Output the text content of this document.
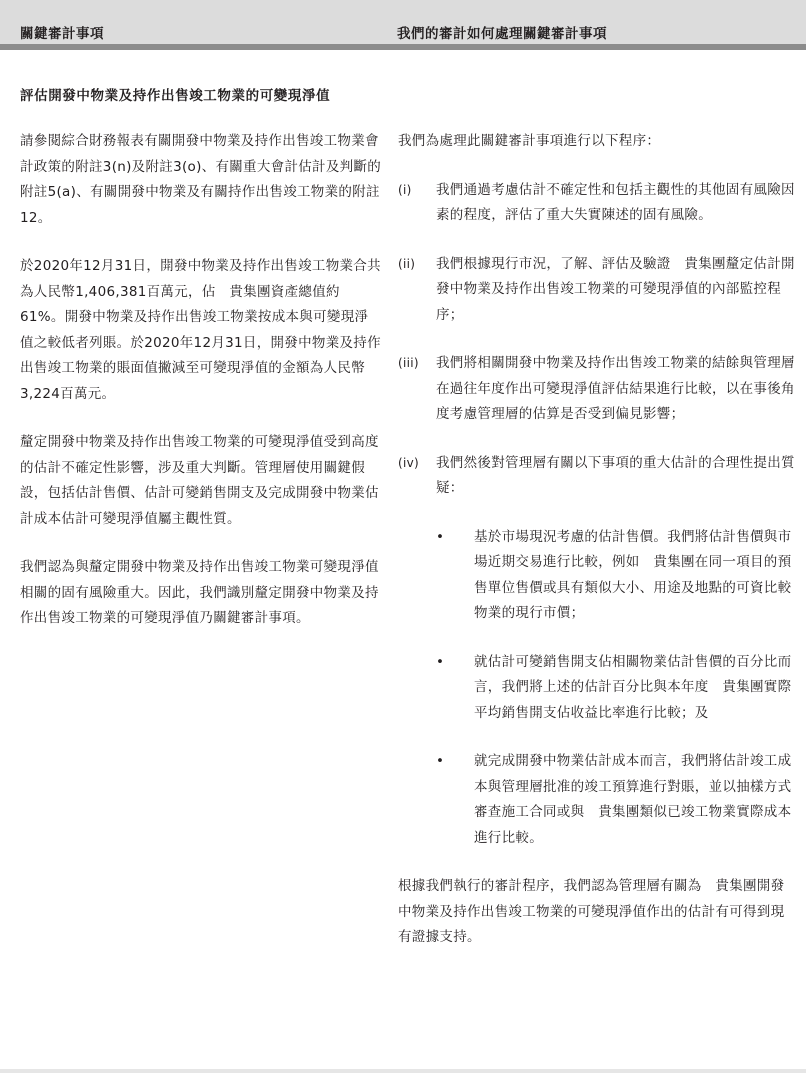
關鍵審計事項	我們的審計如何處理關鍵審計事項
評估開發中物業及持作出售竣工物業的可變現淨值

請參閱綜合財務報表有關開發中物業及持作出售竣工物業會計政策的附註3(n)及附註3(o)、有關重大會計估計及判斷的附註5(a)、有關開發中物業及有關持作出售竣工物業的附註12。

於2020年12月31日，開發中物業及持作出售竣工物業合共為人民幣1,406,381百萬元，佔　貴集團資產總值約61%。開發中物業及持作出售竣工物業按成本與可變現淨值之較低者列賬。於2020年12月31日，開發中物業及持作出售竣工物業的賬面值撇減至可變現淨值的金額為人民幣3,224百萬元。

釐定開發中物業及持作出售竣工物業的可變現淨值受到高度的估計不確定性影響，涉及重大判斷。管理層使用關鍵假設，包括估計售價、估計可變銷售開支及完成開發中物業估計成本估計可變現淨值屬主觀性質。

我們認為與釐定開發中物業及持作出售竣工物業可變現淨值相關的固有風險重大。因此，我們識別釐定開發中物業及持作出售竣工物業的可變現淨值乃關鍵審計事項。

我們為處理此關鍵審計事項進行以下程序：

(i) 我們通過考慮估計不確定性和包括主觀性的其他固有風險因素的程度，評估了重大失實陳述的固有風險。
(ii) 我們根據現行市況，了解、評估及驗證　貴集團釐定估計開發中物業及持作出售竣工物業的可變現淨值的內部監控程序；
(iii) 我們將相關開發中物業及持作出售竣工物業的結餘與管理層在過往年度作出可變現淨值評估結果進行比較，以在事後角度考慮管理層的估算是否受到偏見影響；
(iv) 我們然後對管理層有關以下事項的重大估計的合理性提出質疑：
• 基於市場現況考慮的估計售價。我們將估計售價與市場近期交易進行比較，例如　貴集團在同一項目的預售單位售價或具有類似大小、用途及地點的可資比較物業的現行市價；
• 就估計可變銷售開支佔相關物業估計售價的百分比而言，我們將上述的估計百分比與本年度　貴集團實際平均銷售開支佔收益比率進行比較；及
• 就完成開發中物業估計成本而言，我們將估計竣工成本與管理層批准的竣工預算進行對賬，並以抽樣方式審查施工合同或與　貴集團類似已竣工物業實際成本進行比較。

根據我們執行的審計程序，我們認為管理層有關為　貴集團開發中物業及持作出售竣工物業的可變現淨值作出的估計有可得到現有證據支持。
